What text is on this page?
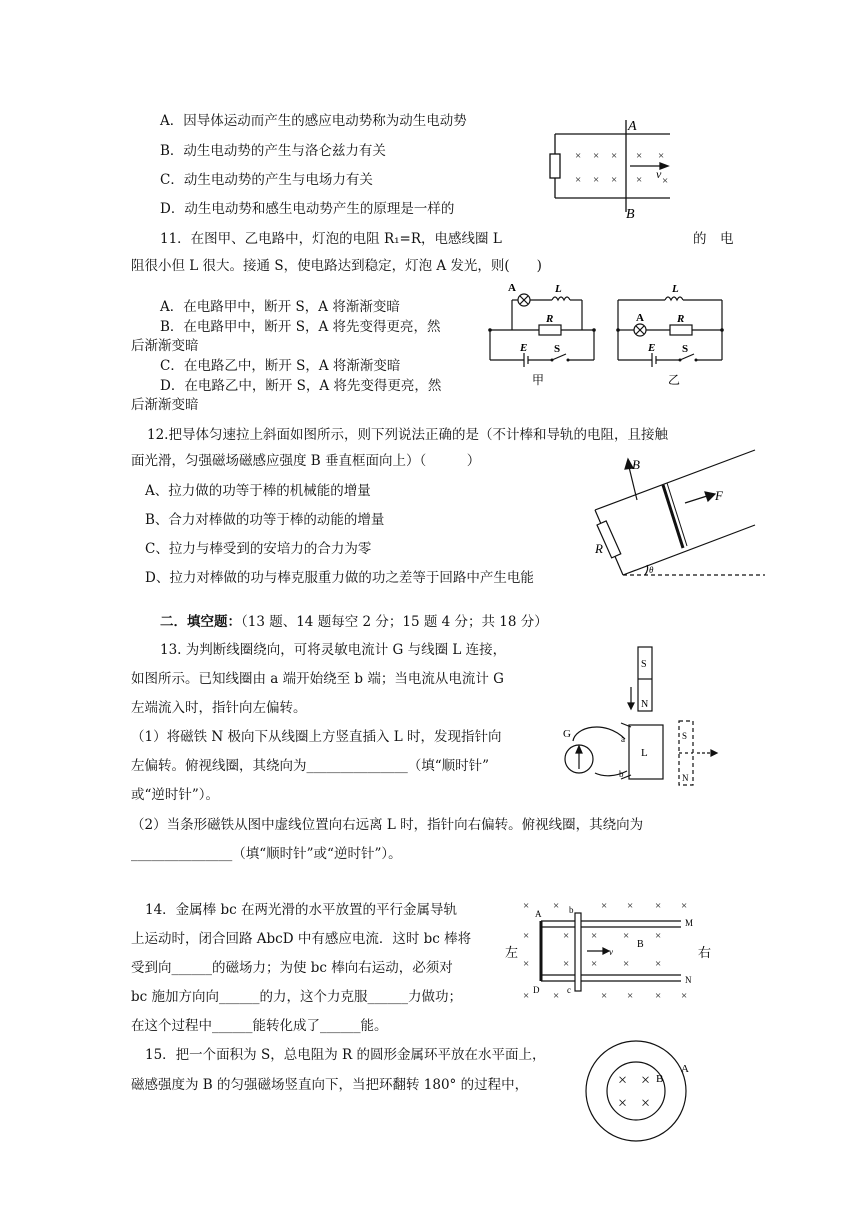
A．因导体运动而产生的感应电动势称为动生电动势
B．动生电动势的产生与洛仑兹力有关
C．动生电动势的产生与电场力有关
D．动生电动势和感生电动势产生的原理是一样的
× × × × ×
× × × × ×
A
B
v
11．在图甲、乙电路中，灯泡的电阻 R₁=R，电感线圈 L	的　电
阻很小但 L 很大。接通 S，使电路达到稳定，灯泡 A 发光，则(　　)
A．在电路甲中，断开 S，A 将渐渐变暗
B．在电路甲中，断开 S，A 将先变得更亮，然
后渐渐变暗
C．在电路乙中，断开 S，A 将渐渐变暗
D．在电路乙中，断开 S，A 将先变得更亮，然
后渐渐变暗
A	L
R
E S
甲
L
A	R
E S
乙
12.把导体匀速拉上斜面如图所示，则下列说法正确的是（不计棒和导轨的电阻，且接触
面光滑，匀强磁场磁感应强度 B 垂直框面向上）（　　　）
A、拉力做的功等于棒的机械能的增量
B、合力对棒做的功等于棒的动能的增量
C、拉力与棒受到的安培力的合力为零
D、拉力对棒做的功与棒克服重力做的功之差等于回路中产生电能
B
F
R
θ
二．填空题：（13 题、14 题每空 2 分；15 题 4 分；共 18 分）
13. 为判断线圈绕向，可将灵敏电流计 G 与线圈 L 连接，
如图所示。已知线圈由 a 端开始绕至 b 端；当电流从电流计 G
左端流入时，指针向左偏转。
（1）将磁铁 N 极向下从线圈上方竖直插入 L 时，发现指针向
左偏转。俯视线圈，其绕向为_______________（填“顺时针”
或“逆时针”）。
（2）当条形磁铁从图中虚线位置向右远离 L 时，指针向右偏转。俯视线圈，其绕向为
_______________（填“顺时针”或“逆时针”）。
S
N
G
L
a
b
S
N
14．金属棒 bc 在两光滑的水平放置的平行金属导轨
上运动时，闭合回路 AbcD 中有感应电流．这时 bc 棒将
受到向______的磁场力；为使 bc 棒向右运动，必须对
bc 施加方向向______的力，这个力克服______力做功；
在这个过程中______能转化成了______能。
× ×	× × × ×
×	× × × ×
×	× × × ×
× ×	× × × ×
左	右
A	b
c
D
M
N
B
v
15．把一个面积为 S，总电阻为 R 的圆形金属环平放在水平面上，
磁感强度为 B 的匀强磁场竖直向下，当把环翻转 180° 的过程中，	× ×
× ×
B
A
